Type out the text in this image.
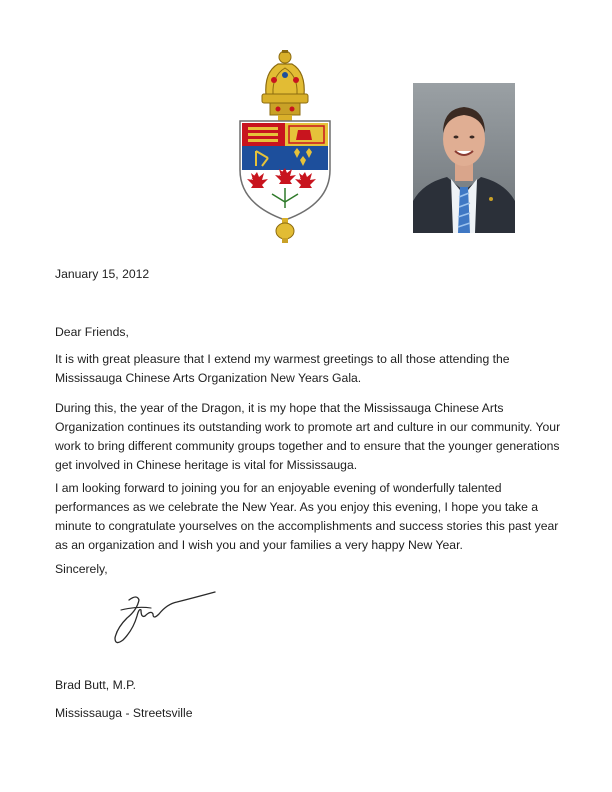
January 15, 2012

Dear Friends,

It is with great pleasure that I extend my warmest greetings to all those attending the Mississauga Chinese Arts Organization New Years Gala.

During this, the year of the Dragon, it is my hope that the Mississauga Chinese Arts Organization continues its outstanding work to promote art and culture in our community. Your work to bring different community groups together and to ensure that the younger generations get involved in Chinese heritage is vital for Mississauga.

I am looking forward to joining you for an enjoyable evening of wonderfully talented performances as we celebrate the New Year. As you enjoy this evening, I hope you take a minute to congratulate yourselves on the accomplishments and success stories this past year as an organization and I wish you and your families a very happy New Year.

Sincerely,

Brad Butt, M.P.

Mississauga - Streetsville
